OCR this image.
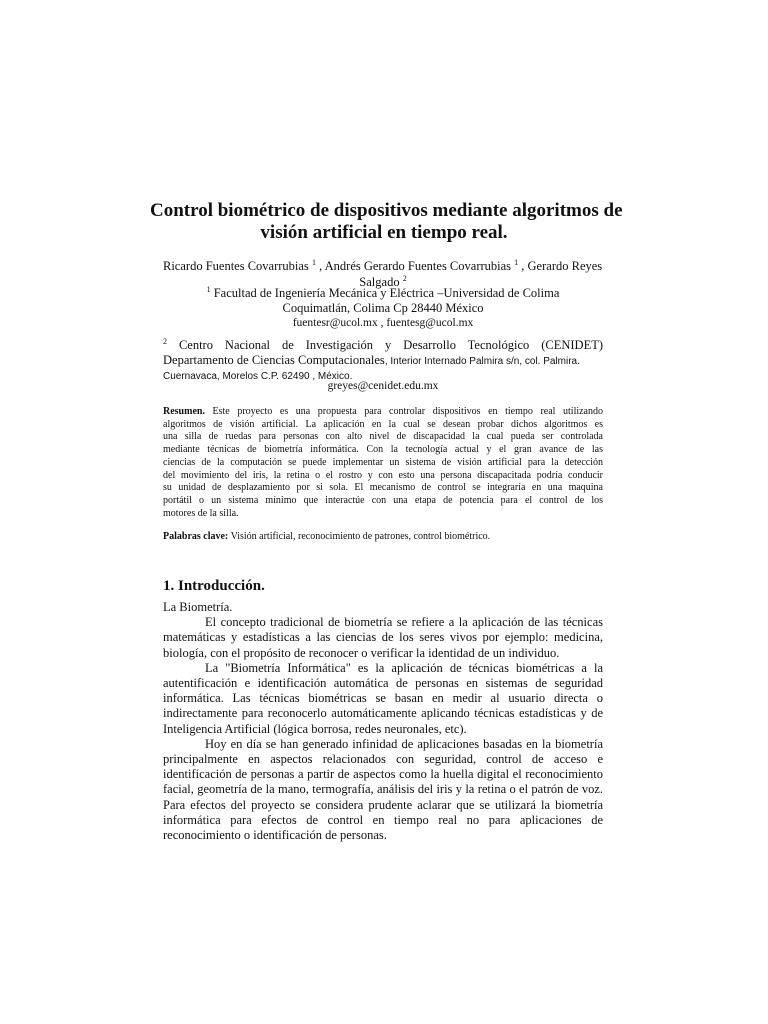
Control biométrico de dispositivos mediante algoritmos de
visión artificial en tiempo real.
Ricardo Fuentes Covarrubias $^1$ , Andrés Gerardo Fuentes Covarrubias $^1$ , Gerardo Reyes
Salgado $^2$
$^1$ Facultad de Ingeniería Mecánica y Eléctrica –Universidad de Colima
Coquimatlán, Colima Cp 28440 México
fuentesr@ucol.mx , fuentesg@ucol.mx
$^2$ Centro Nacional de Investigación y Desarrollo Tecnológico (CENIDET)
Departamento de Ciencias Computacionales, Interior Internado Palmira s/n, col. Palmira.
Cuernavaca, Morelos C.P. 62490 , México.
greyes@cenidet.edu.mx
Resumen. Este proyecto es una propuesta para controlar dispositivos en tiempo real utilizando
algoritmos de visión artificial. La aplicación en la cual se desean probar dichos algoritmos es
una silla de ruedas para personas con alto nivel de discapacidad la cual pueda ser controlada
mediante técnicas de biometría informática. Con la tecnología actual y el gran avance de las
ciencias de la computación se puede implementar un sistema de visión artificial para la detección
del movimiento del iris, la retina o el rostro y con esto una persona discapacitada podría conducir
su unidad de desplazamiento por si sola. El mecanismo de control se integraría en una maquina
portátil o un sistema mínimo que interactúe con una etapa de potencia para el control de los
motores de la silla.
Palabras clave: Visión artificial, reconocimiento de patrones, control biométrico.
1. Introducción.
La Biometría.
El concepto tradicional de biometría se refiere a la aplicación de las técnicas
matemáticas y estadísticas a las ciencias de los seres vivos por ejemplo: medicina,
biología, con el propósito de reconocer o verificar la identidad de un individuo.
La "Biometría Informática" es la aplicación de técnicas biométricas a la
autentificación e identificación automática de personas en sistemas de seguridad
informática. Las técnicas biométricas se basan en medir al usuario directa o
indirectamente para reconocerlo automáticamente aplicando técnicas estadísticas y de
Inteligencia Artificial (lógica borrosa, redes neuronales, etc).
Hoy en día se han generado infinidad de aplicaciones basadas en la biometría
principalmente en aspectos relacionados con seguridad, control de acceso e
identificación de personas a partir de aspectos como la huella digital el reconocimiento
facial, geometría de la mano, termografía, análisis del iris y la retina o el patrón de voz.
Para efectos del proyecto se considera prudente aclarar que se utilizará la biometría
informática para efectos de control en tiempo real no para aplicaciones de
reconocimiento o identificación de personas.
